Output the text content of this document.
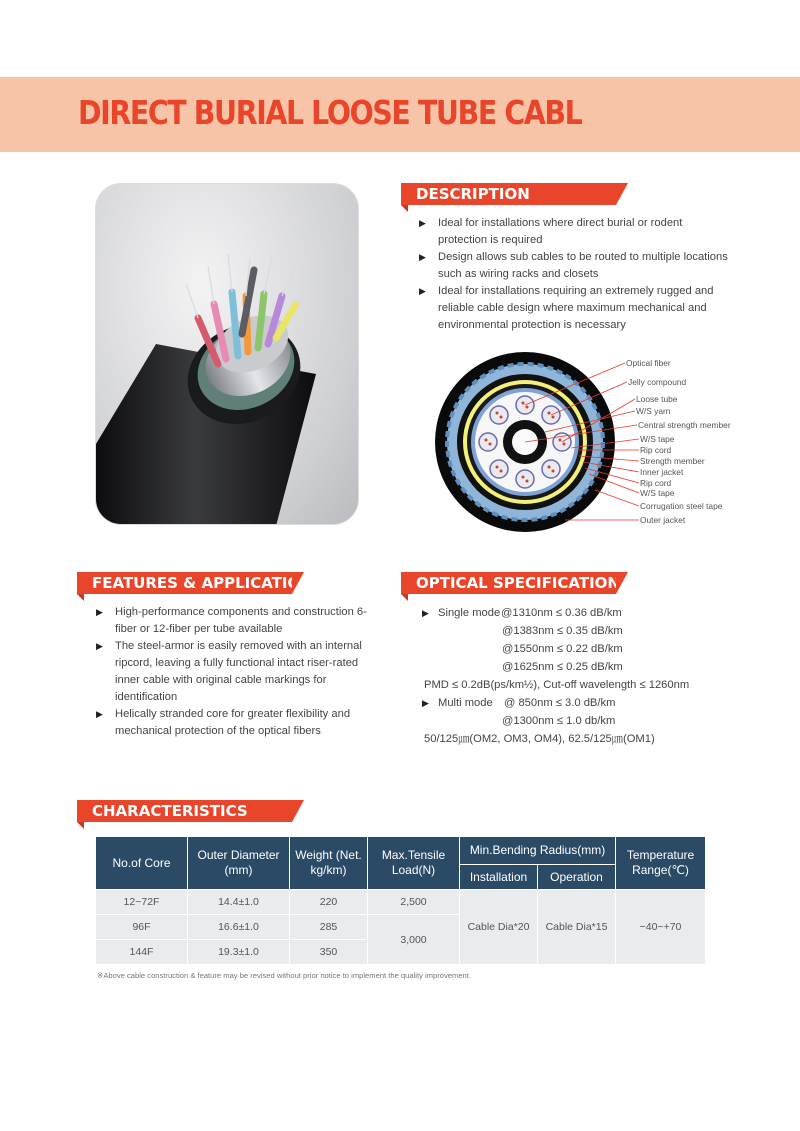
DIRECT BURIAL LOOSE TUBE CABL
DESCRIPTION
▶ Ideal for installations where direct burial or rodent protection is required
▶ Design allows sub cables to be routed to multiple locations such as wiring racks and closets
▶ Ideal for installations requiring an extremely rugged and reliable cable design where maximum mechanical and environmental protection is necessary
Optical fiber
Jelly compound
Loose tube
W/S yarn
Central strength member
W/S tape
Rip cord
Strength member
Inner jacket
Rip cord
W/S tape
Corrugation steel tape
Outer jacket
FEATURES & APPLICATIONS
▶ High-performance components and construction 6-fiber or 12-fiber per tube available
▶ The steel-armor is easily removed with an internal ripcord, leaving a fully functional intact riser-rated inner cable with original cable markings for identification
▶ Helically stranded core for greater flexibility and mechanical protection of the optical fibers
OPTICAL SPECIFICATIONS
▶ Single mode @1310nm ≤ 0.36 dB/km
@1383nm ≤ 0.35 dB/km
@1550nm ≤ 0.22 dB/km
@1625nm ≤ 0.25 dB/km
PMD ≤ 0.2dB(ps/km½), Cut-off wavelength ≤ 1260nm
▶ Multi mode @ 850nm ≤ 3.0 dB/km
@1300nm ≤ 1.0 db/km
50/125㎛(OM2, OM3, OM4), 62.5/125㎛(OM1)
CHARACTERISTICS
No.of Core	Outer Diameter (mm)	Weight (Net. kg/km)	Max.Tensile Load(N)	Min.Bending Radius(mm)		Temperature Range(℃)
				Installation	Operation	
12~72F	14.4±1.0	220	2,500	Cable Dia*20	Cable Dia*15	−40~+70
96F	16.6±1.0	285	3,000			
144F	19.3±1.0	350				
※Above cable construction & feature may be revised without prior notice to implement the quality improvement.
